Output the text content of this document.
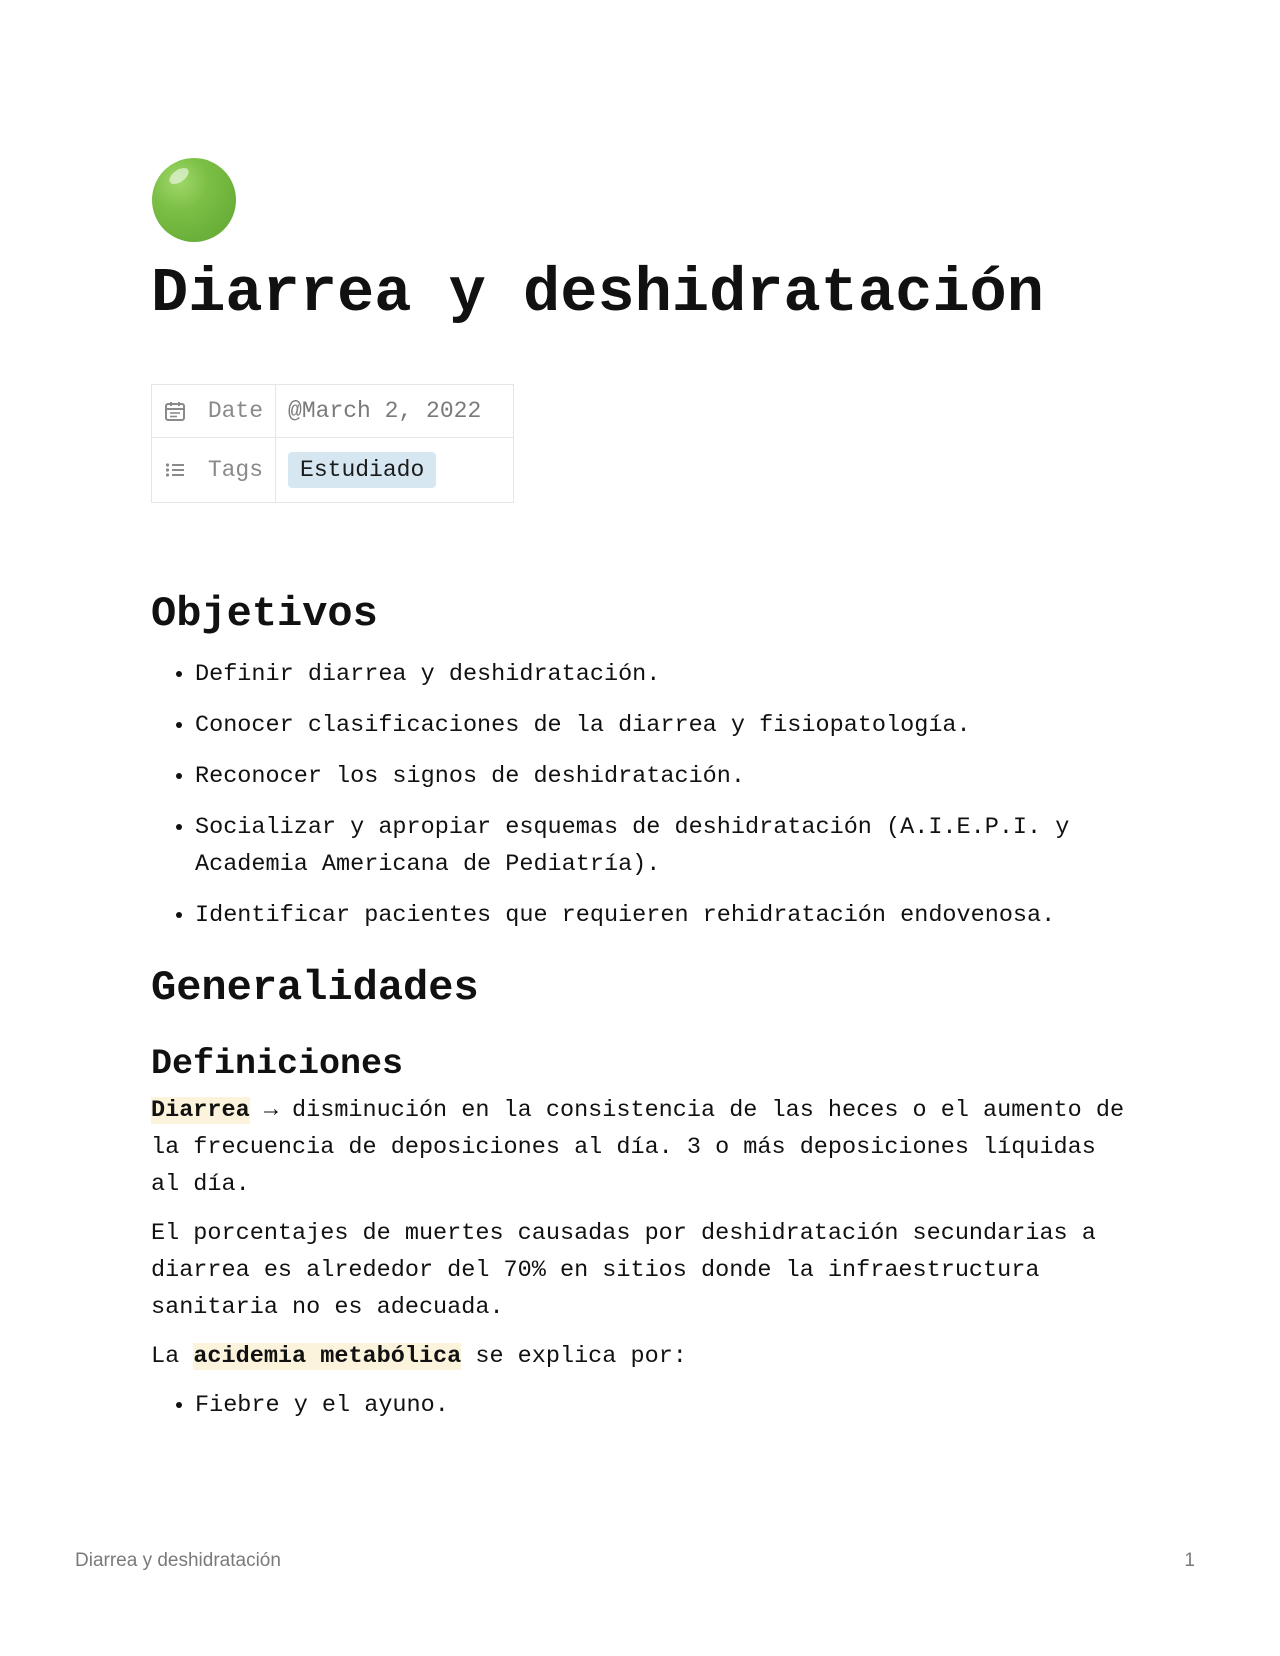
Diarrea y deshidratación
Date	@March 2, 2022
Tags	Estudiado
Objetivos
• Definir diarrea y deshidratación.
• Conocer clasificaciones de la diarrea y fisiopatología.
• Reconocer los signos de deshidratación.
• Socializar y apropiar esquemas de deshidratación (A.I.E.P.I. y Academia Americana de Pediatría).
• Identificar pacientes que requieren rehidratación endovenosa.
Generalidades
Definiciones

Diarrea → disminución en la consistencia de las heces o el aumento de la frecuencia de deposiciones al día. 3 o más deposiciones líquidas al día.

El porcentajes de muertes causadas por deshidratación secundarias a diarrea es alrededor del 70% en sitios donde la infraestructura sanitaria no es adecuada.

La acidemia metabólica se explica por:

• Fiebre y el ayuno.
Diarrea y deshidratación	1
